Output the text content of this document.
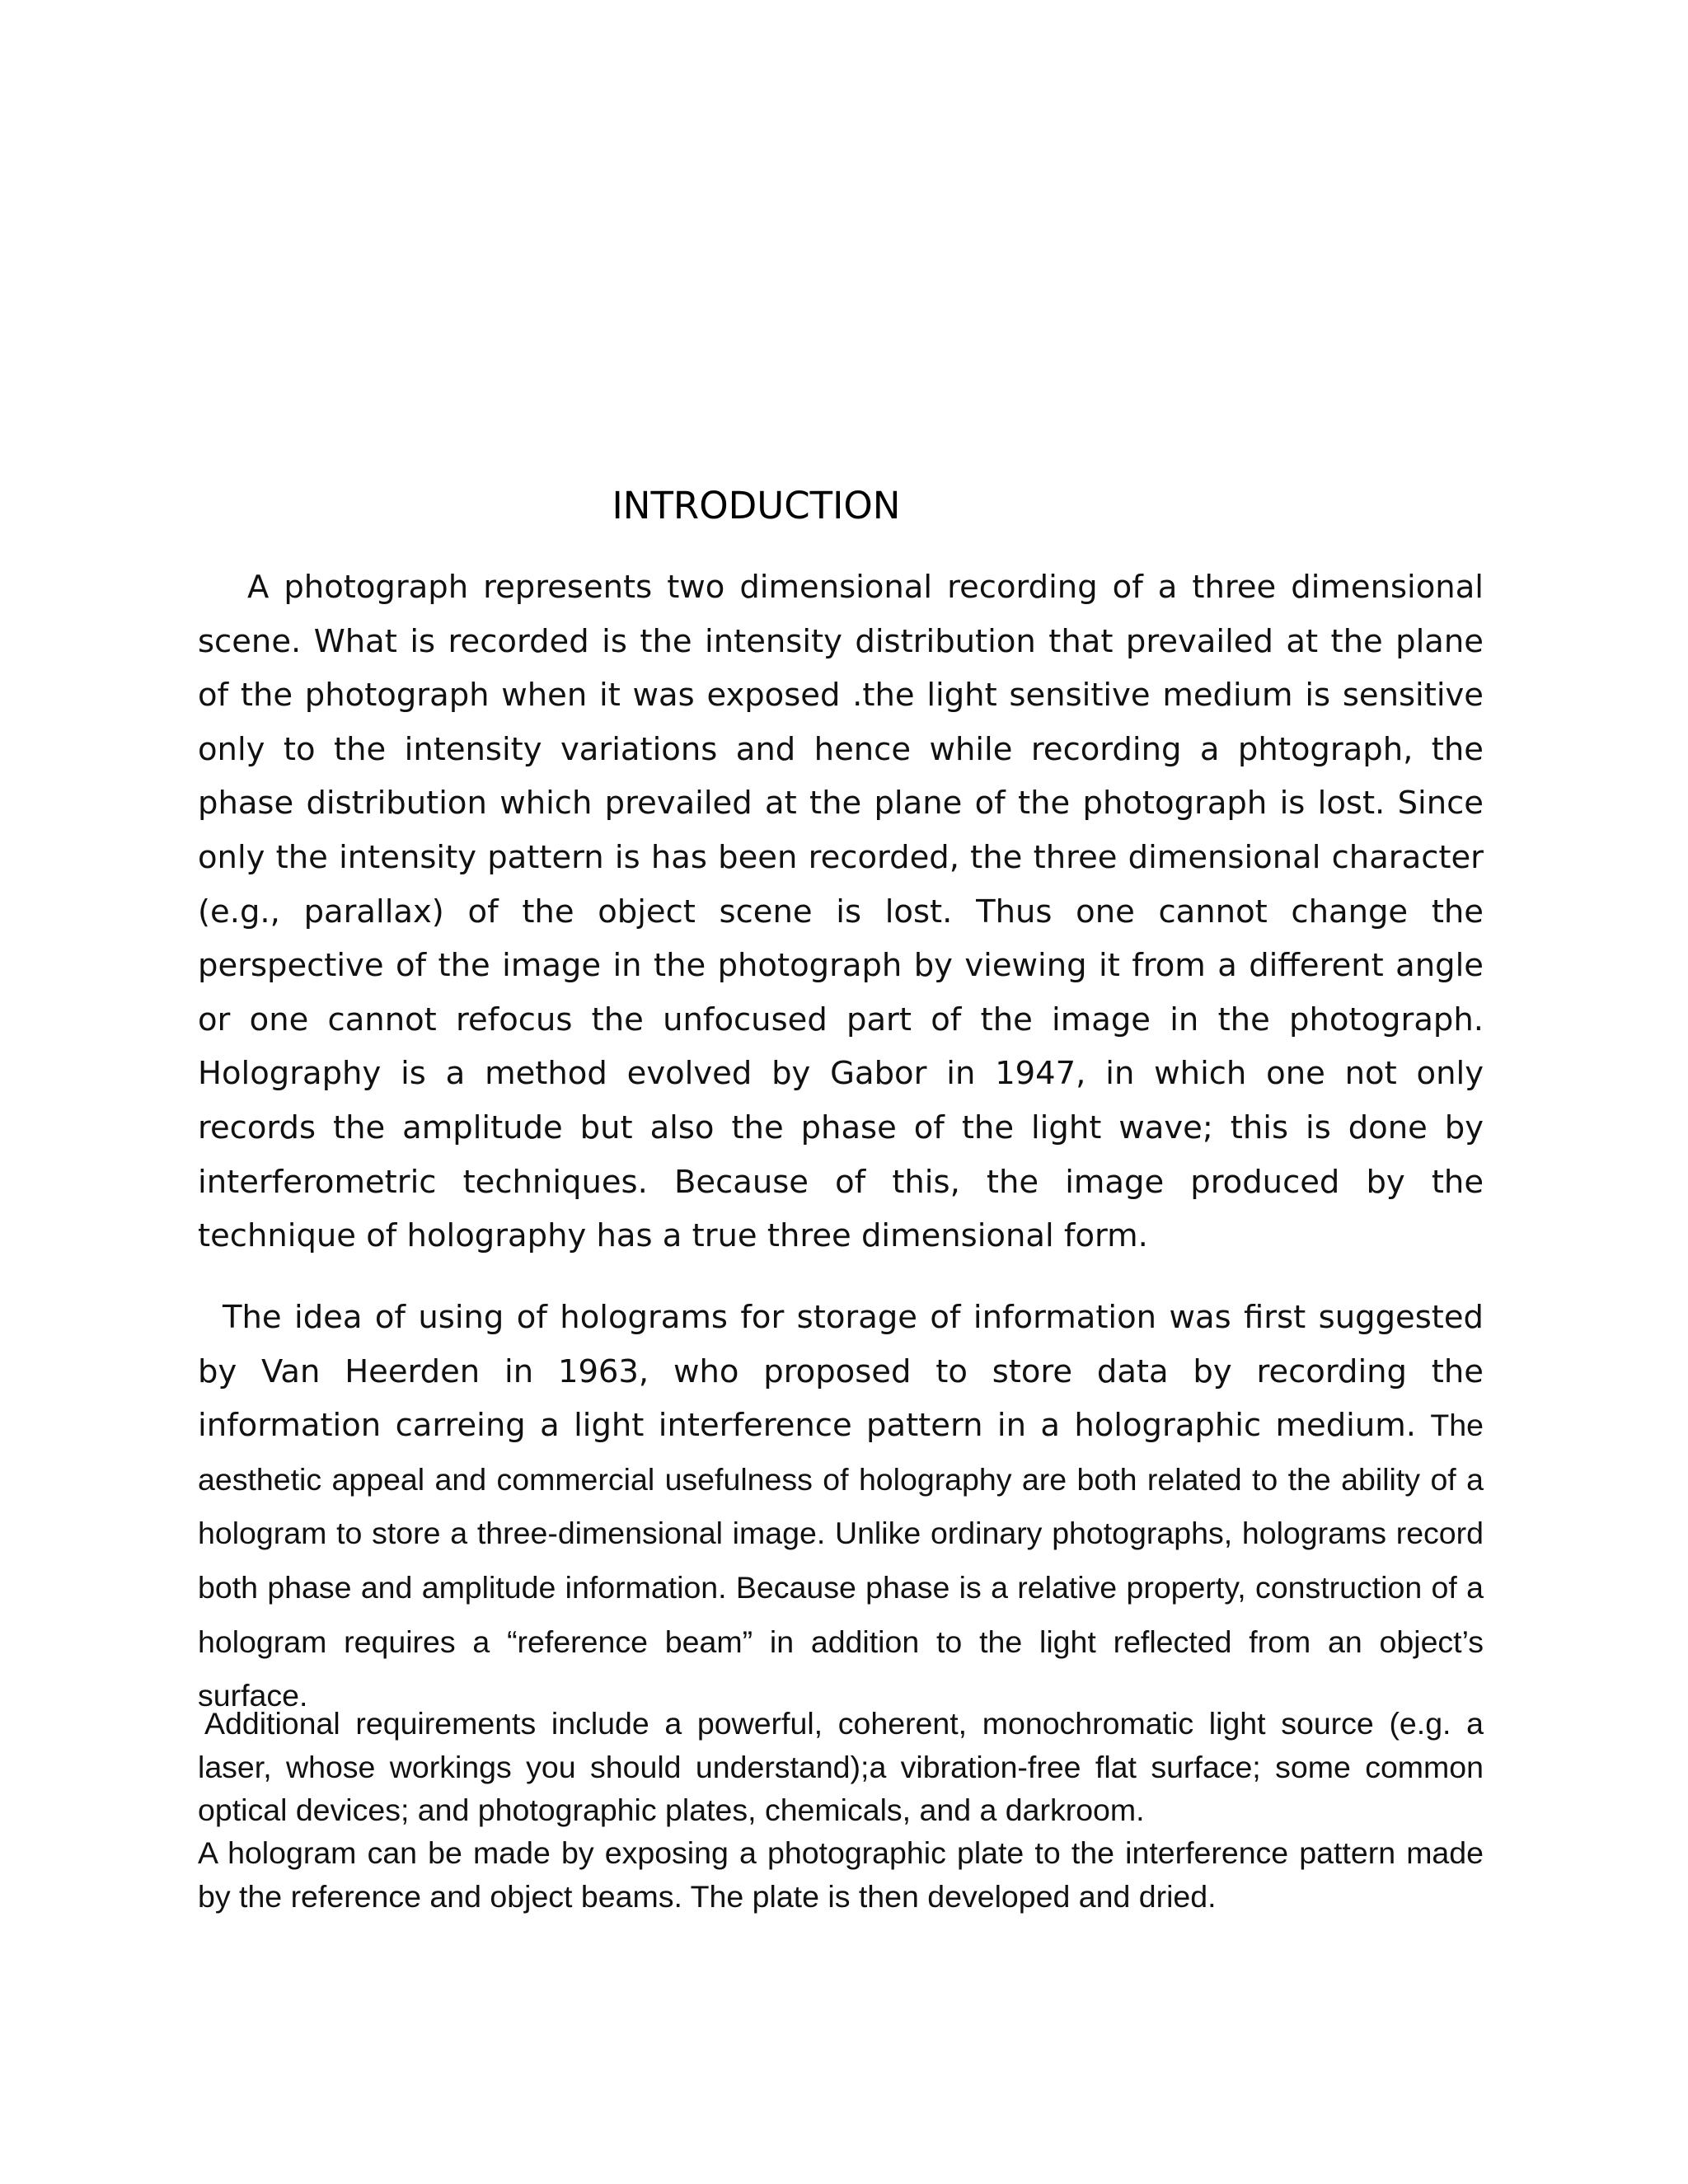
INTRODUCTION

A photograph represents two dimensional recording of a three dimensional scene. What is recorded is the intensity distribution that prevailed at the plane of the photograph when it was exposed .the light sensitive medium is sensitive only to the intensity variations and hence while recording a phtograph, the phase distribution which prevailed at the plane of the photograph is lost. Since only the intensity pattern is has been recorded, the three dimensional character (e.g., parallax) of the object scene is lost. Thus one cannot change the perspective of the image in the photograph by viewing it from a different angle or one cannot refocus the unfocused part of the image in the photograph. Holography is a method evolved by Gabor in 1947, in which one not only records the amplitude but also the phase of the light wave; this is done by interferometric techniques. Because of this, the image produced by the technique of holography has a true three dimensional form.

The idea of using of holograms for storage of information was first suggested by Van Heerden in 1963, who proposed to store data by recording the information carreing a light interference pattern in a holographic medium. The aesthetic appeal and commercial usefulness of holography are both related to the ability of a hologram to store a three-dimensional image. Unlike ordinary photographs, holograms record both phase and amplitude information. Because phase is a relative property, construction of a hologram requires a “reference beam” in addition to the light reflected from an object’s surface.

Additional requirements include a powerful, coherent, monochromatic light source (e.g. a laser, whose workings you should understand);a vibration-free flat surface; some common optical devices; and photographic plates, chemicals, and a darkroom.

A hologram can be made by exposing a photographic plate to the interference pattern made by the reference and object beams. The plate is then developed and dried.
